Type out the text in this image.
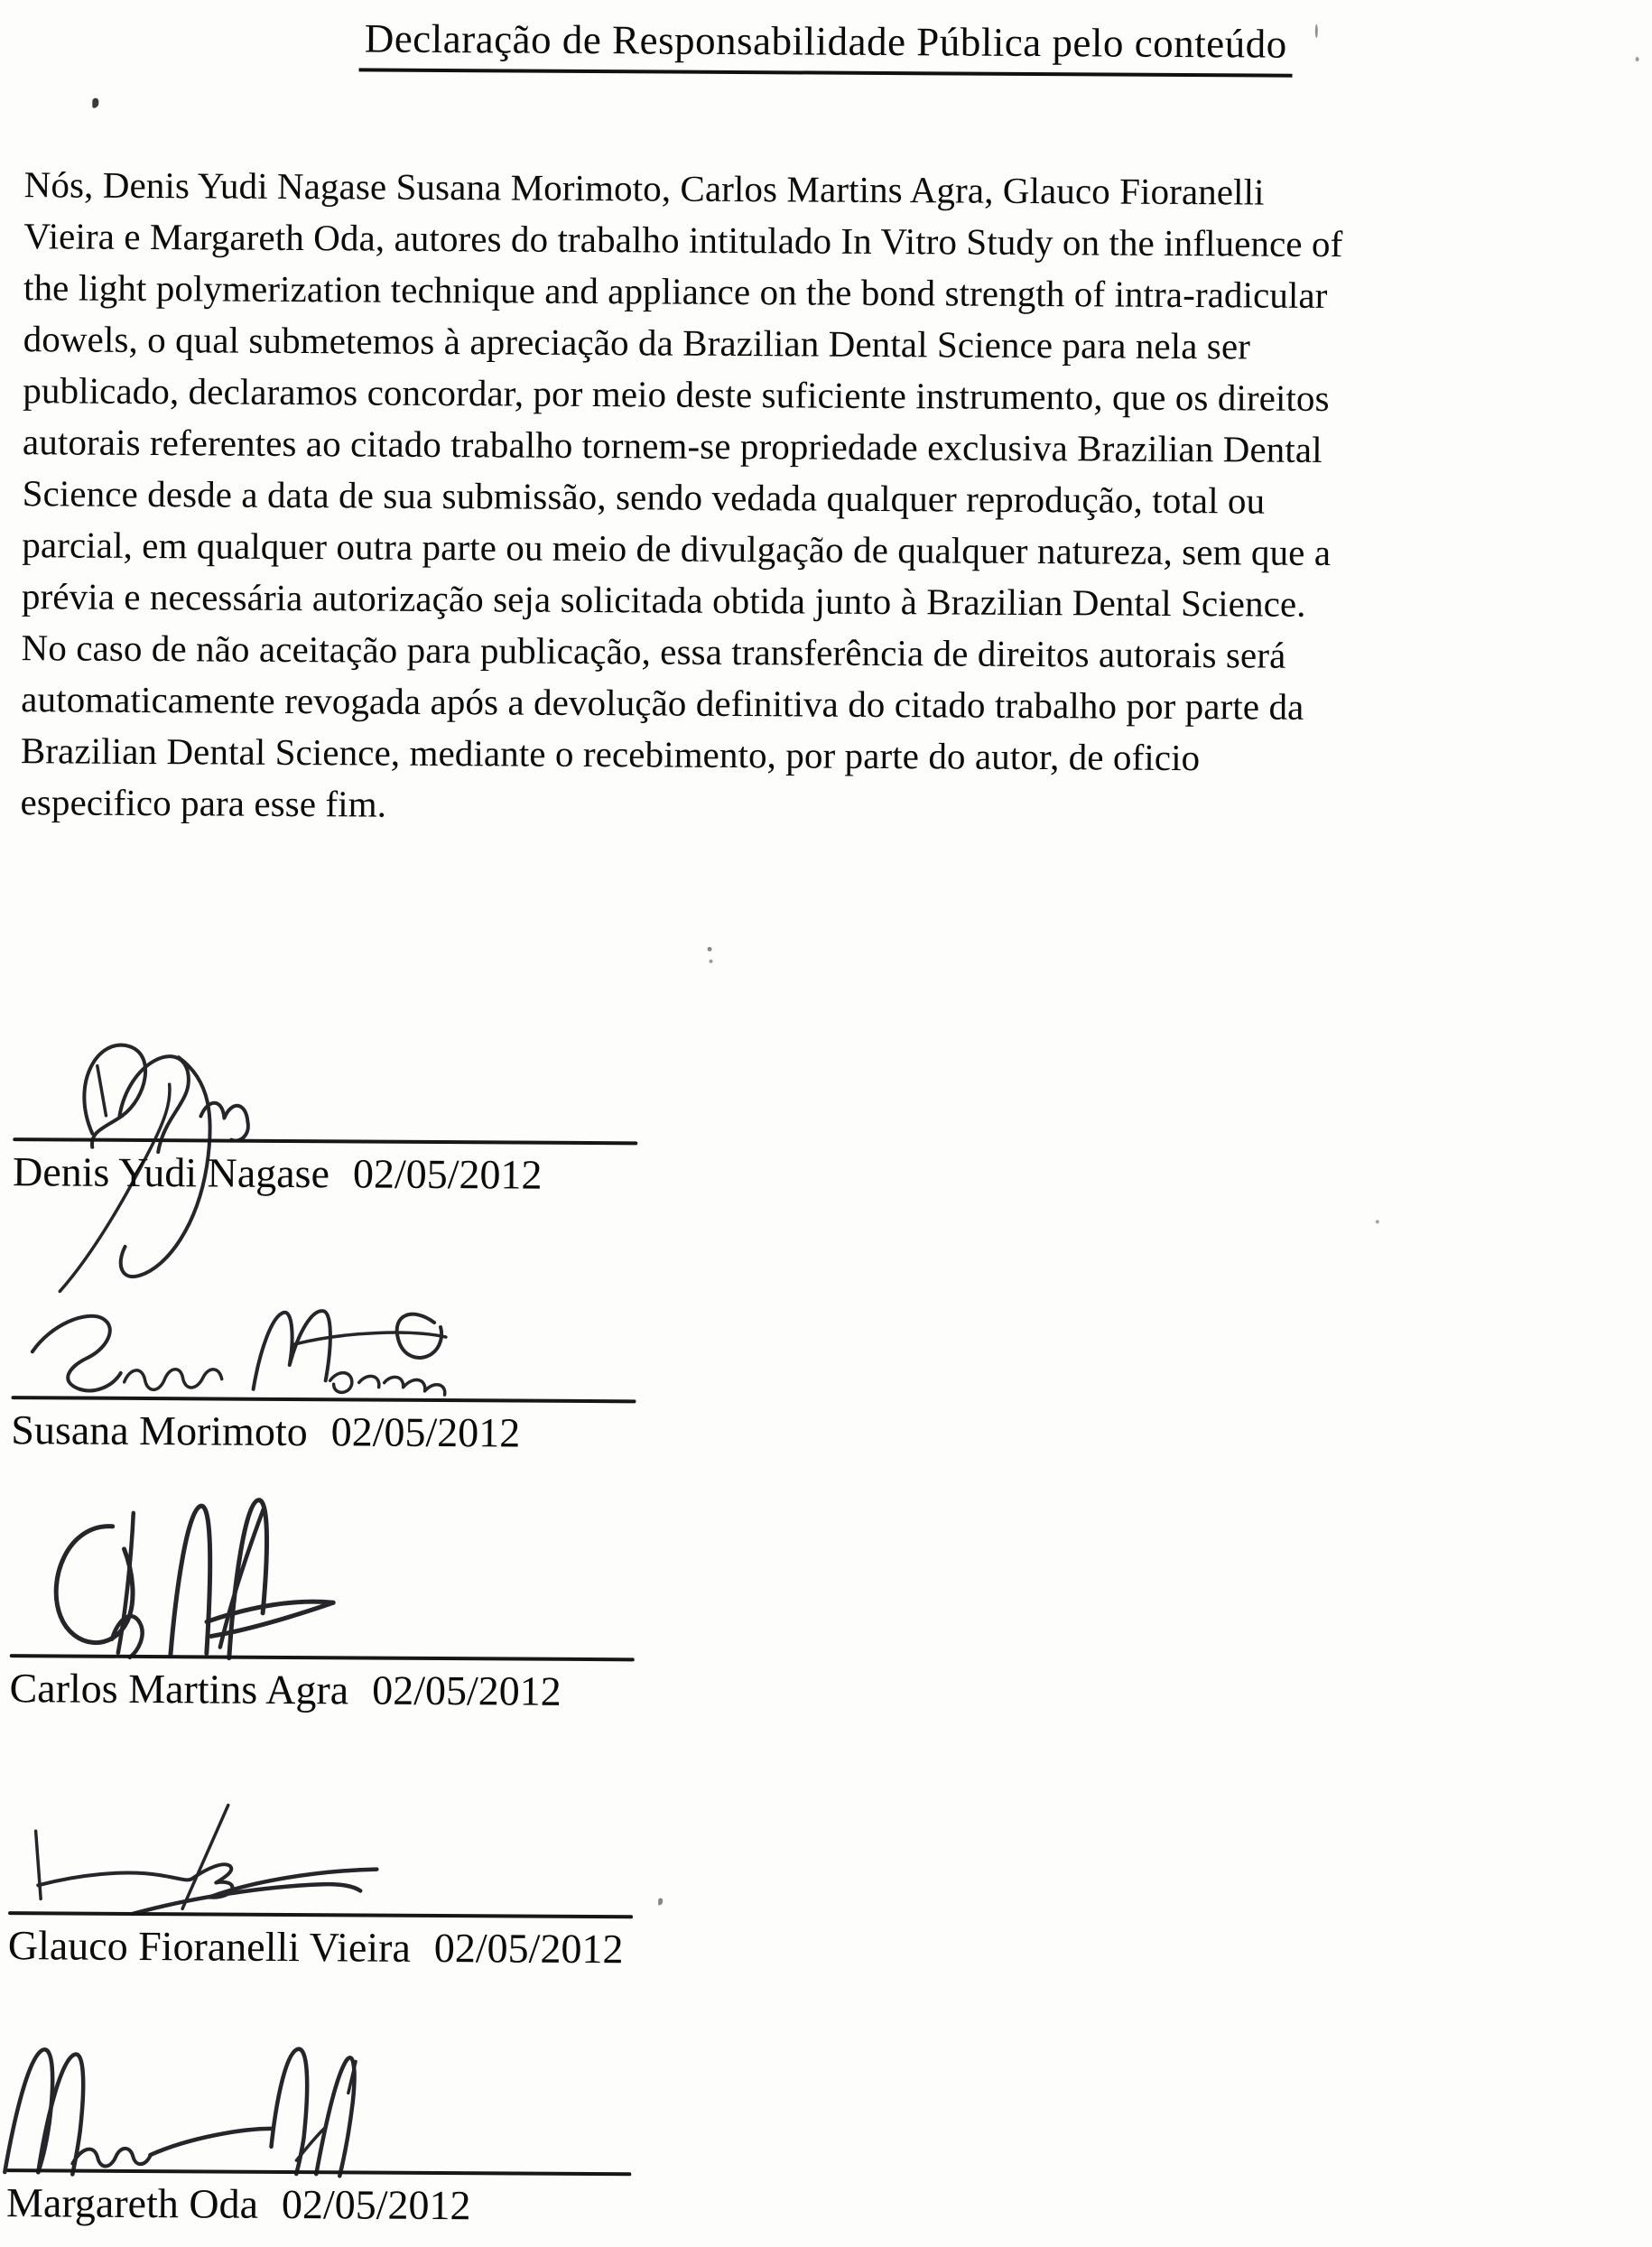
Declaração de Responsabilidade Pública pelo conteúdo
Nós, Denis Yudi Nagase Susana Morimoto, Carlos Martins Agra, Glauco Fioranelli
Vieira e Margareth Oda, autores do trabalho intitulado In Vitro Study on the influence of
the light polymerization technique and appliance on the bond strength of intra-radicular
dowels, o qual submetemos à apreciação da Brazilian Dental Science para nela ser
publicado, declaramos concordar, por meio deste suficiente instrumento, que os direitos
autorais referentes ao citado trabalho tornem-se propriedade exclusiva Brazilian Dental
Science desde a data de sua submissão, sendo vedada qualquer reprodução, total ou
parcial, em qualquer outra parte ou meio de divulgação de qualquer natureza, sem que a
prévia e necessária autorização seja solicitada obtida junto à Brazilian Dental Science.
No caso de não aceitação para publicação, essa transferência de direitos autorais será
automaticamente revogada após a devolução definitiva do citado trabalho por parte da
Brazilian Dental Science, mediante o recebimento, por parte do autor, de oficio
especifico para esse fim.
Denis Yudi Nagase 02/05/2012
Susana Morimoto 02/05/2012
Carlos Martins Agra 02/05/2012
Glauco Fioranelli Vieira 02/05/2012
Margareth Oda 02/05/2012
